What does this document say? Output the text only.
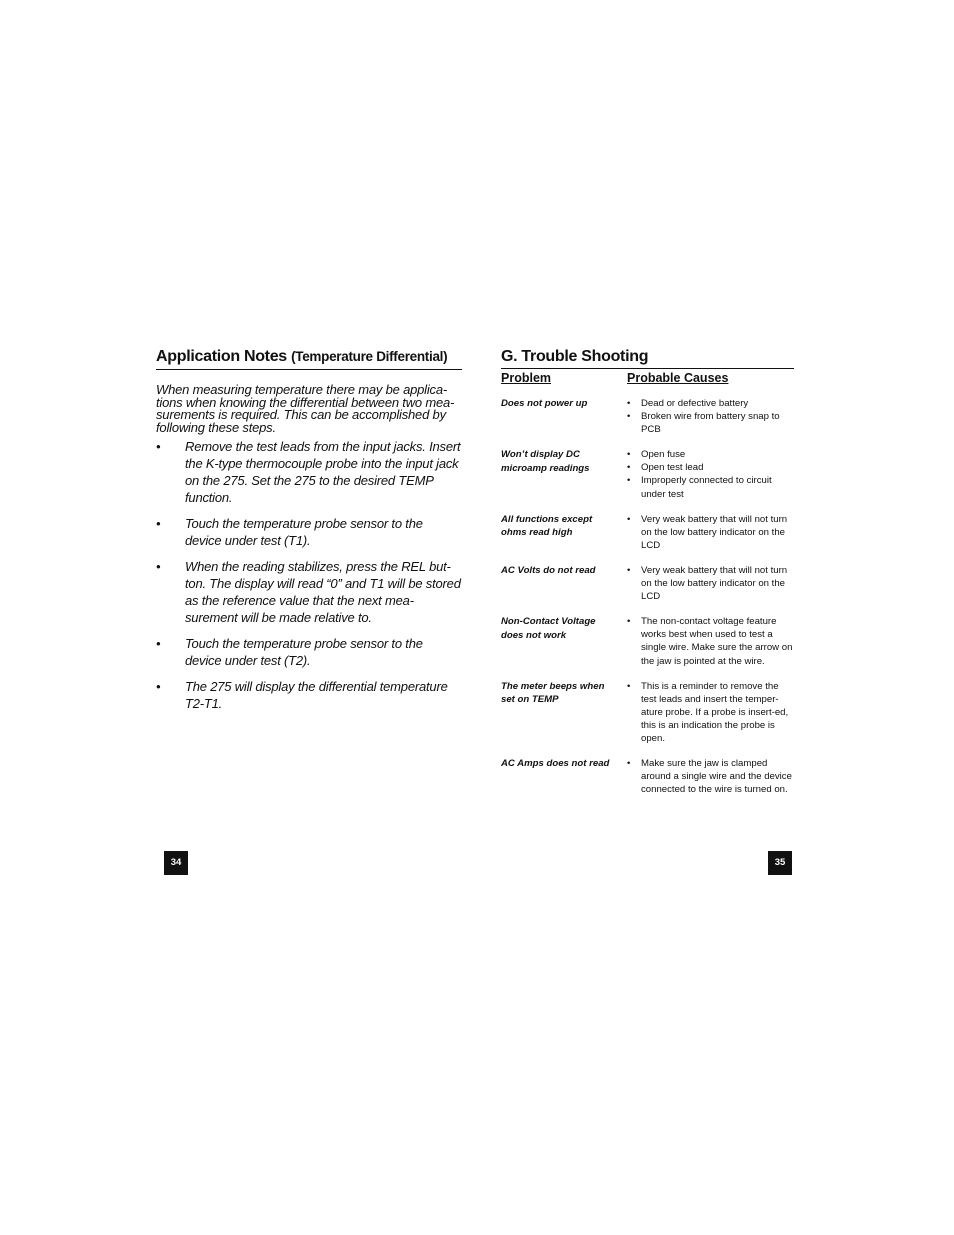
Application Notes (Temperature Differential)
When measuring temperature there may be applica-tions when knowing the differential between two mea-surements is required. This can be accomplished by following these steps.
•	Remove the test leads from the input jacks. Insert the K-type thermocouple probe into the input jack on the 275. Set the 275 to the desired TEMP function.
•	Touch the temperature probe sensor to the device under test (T1).
•	When the reading stabilizes, press the REL but-ton. The display will read “0” and T1 will be stored as the reference value that the next mea-surement will be made relative to.
•	Touch the temperature probe sensor to the device under test (T2).
•	The 275 will display the differential temperature T2-T1.
G. Trouble Shooting
Problem	Probable Causes
Does not power up	•	Dead or defective battery
•	Broken wire from battery snap to PCB
Won’t display DC
microamp readings
•	Open fuse
•	Open test lead
•	Improperly connected to circuit under test
All functions except
ohms read high
•	Very weak battery that will not turn on the low battery indicator on the LCD
AC Volts do not read	•	Very weak battery that will not turn on the low battery indicator on the LCD
Non-Contact Voltage
does not work
•	The non-contact voltage feature works best when used to test a single wire. Make sure the arrow on the jaw is pointed at the wire.
The meter beeps when
set on TEMP
•	This is a reminder to remove the test leads and insert the temper-ature probe. If a probe is insert-ed, this is an indication the probe is open.
AC Amps does not read	•	Make sure the jaw is clamped around a single wire and the device connected to the wire is turned on.
34	35
